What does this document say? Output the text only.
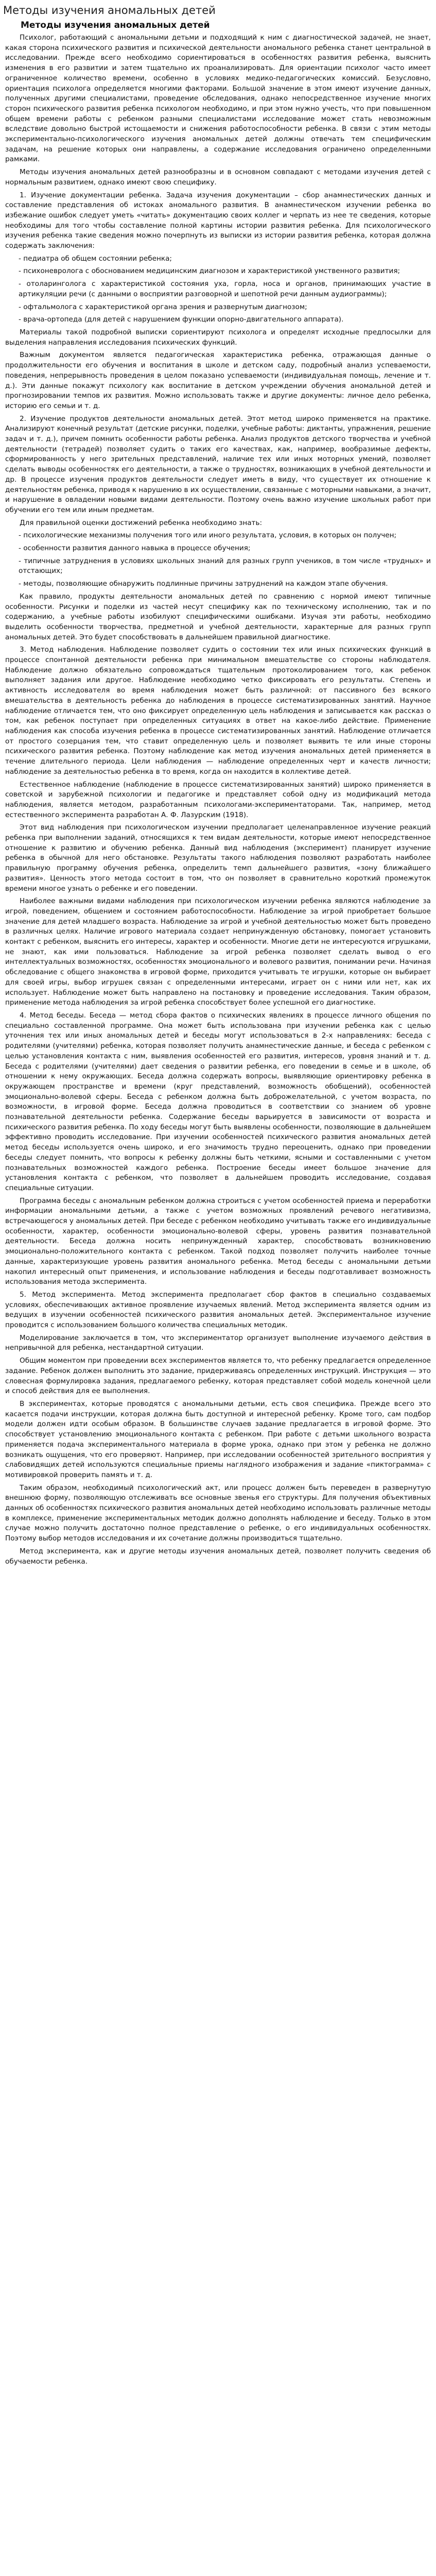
Методы изучения аномальных детей
Методы изучения аномальных детей

Психолог, работающий с аномальными детьми и подходящий к ним с диагностической задачей, не знает, какая сторона психического развития и психической деятельности аномального ребенка станет центральной в исследовании. Прежде всего необходимо сориентироваться в особенностях развития ребенка, выяснить изменения в его развитии и затем тщательно их проанализировать. Для ориентации психолог часто имеет ограниченное количество времени, особенно в условиях медико-педагогических комиссий. Безусловно, ориентация психолога определяется многими факторами. Большой значение в этом имеют изучение данных, полученных другими специалистами, проведение обследования, однако непосредственное изучение многих сторон психического развития ребенка психологом необходимо, и при этом нужно учесть, что при повышенном общем времени работы с ребенком разными специалистами исследование может стать невозможным вследствие довольно быстрой истощаемости и снижения работоспособности ребенка. В связи с этим методы экспериментально-психологического изучения аномальных детей должны отвечать тем специфическим задачам, на решение которых они направлены, а содержание исследования ограничено определенными рамками.

Методы изучения аномальных детей разнообразны и в основном совпадают с методами изучения детей с нормальным развитием, однако имеют свою специфику.

1. Изучение документации ребенка. Задача изучения документации – сбор анамнестических данных и составление представления об истоках аномального развития. В анамнестическом изучении ребенка во избежание ошибок следует уметь «читать» документацию своих коллег и черпать из нее те сведения, которые необходимы для того чтобы составление полной картины истории развития ребенка. Для психологического изучения ребенка такие сведения можно почерпнуть из выписки из истории развития ребенка, которая должна содержать заключения:

- педиатра об общем состоянии ребенка;

- психоневролога с обоснованием медицинским диагнозом и характеристикой умственного развития;

- отоларинголога с характеристикой состояния уха, горла, носа и органов, принимающих участие в артикуляции речи (с данными о восприятии разговорной и шепотной речи данным аудиограммы);

- офтальмолога с характеристикой органа зрения и развернутым диагнозом;

- врача-ортопеда (для детей с нарушением функции опорно-двигательного аппарата).

Материалы такой подробной выписки сориентируют психолога и определят исходные предпосылки для выделения направления исследования психических функций.

Важным документом является педагогическая характеристика ребенка, отражающая данные о продолжительности его обучения и воспитания в школе и детском саду, подробный анализ успеваемости, поведения, непрерывность проведения в целом показано успеваемости (индивидуальная помощь, лечение и т. д.). Эти данные покажут психологу как воспитание в детском учреждении обучения аномальной детей и прогнозировании темпов их развития. Можно использовать также и другие документы: личное дело ребенка, историю его семьи и т. д.

2. Изучение продуктов деятельности аномальных детей. Этот метод широко применяется на практике. Анализируют конечный результат (детские рисунки, поделки, учебные работы: диктанты, упражнения, решение задач и т. д.), причем помнить особенности работы ребенка. Анализ продуктов детского творчества и учебной деятельности (тетрадей) позволяет судить о таких его качествах, как, например, вообразимые дефекты, сформированность у него зрительных представлений, наличие тех или иных моторных умений, позволяет сделать выводы особенностях его деятельности, а также о трудностях, возникающих в учебной деятельности и др. В процессе изучения продуктов деятельности следует иметь в виду, что существует их отношение к деятельностям ребенка, приводя к нарушению в их осуществлении, связанные с моторными навыками, а значит, и нарушение в овладении новыми видами деятельности. Поэтому очень важно изучение школьных работ при обучении его тем или иным предметам.

Для правильной оценки достижений ребенка необходимо знать:

- психологические механизмы получения того или иного результата, условия, в которых он получен;

- особенности развития данного навыка в процессе обучения;

- типичные затруднения в условиях школьных знаний для разных групп учеников, в том числе «трудных» и отстающих;

- методы, позволяющие обнаружить подлинные причины затруднений на каждом этапе обучения.

Как правило, продукты деятельности аномальных детей по сравнению с нормой имеют типичные особенности. Рисунки и поделки из частей несут специфику как по техническому исполнению, так и по содержанию, а учебные работы изобилуют специфическими ошибками. Изучая эти работы, необходимо выделить особенности творчества, предметной и учебной деятельности, характерные для разных групп аномальных детей. Это будет способствовать в дальнейшем правильной диагностике.

3. Метод наблюдения. Наблюдение позволяет судить о состоянии тех или иных психических функций в процессе спонтанной деятельности ребенка при минимальном вмешательстве со стороны наблюдателя. Наблюдение должно обязательно сопровождаться тщательным протоколированием того, как ребенок выполняет задания или другое. Наблюдение необходимо четко фиксировать его результаты. Степень и активность исследователя во время наблюдения может быть различной: от пассивного без всякого вмешательства в деятельность ребенка до наблюдения в процессе систематизированных занятий. Научное наблюдение отличается тем, что оно фиксирует определенную цель наблюдения и записывается как рассказ о том, как ребенок поступает при определенных ситуациях в ответ на какое-либо действие. Применение наблюдения как способа изучения ребенка в процессе систематизированных занятий. Наблюдение отличается от простого созерцания тем, что ставит определенную цель и позволяет выявить те или иные стороны психического развития ребенка. Поэтому наблюдение как метод изучения аномальных детей применяется в течение длительного периода. Цели наблюдения — наблюдение определенных черт и качеств личности; наблюдение за деятельностью ребенка в то время, когда он находится в коллективе детей.

Естественное наблюдение (наблюдение в процессе систематизированных занятий) широко применяется в советской и зарубежной психологии и педагогике и представляет собой одну из модификаций метода наблюдения, является методом, разработанным психологами-экспериментаторами. Так, например, метод естественного эксперимента разработан А. Ф. Лазурским (1918).

Этот вид наблюдения при психологическом изучении предполагает целенаправленное изучение реакций ребенка при выполнении заданий, относящихся к тем видам деятельности, которые имеют непосредственное отношение к развитию и обучению ребенка. Данный вид наблюдения (эксперимент) планирует изучение ребенка в обычной для него обстановке. Результаты такого наблюдения позволяют разработать наиболее правильную программу обучения ребенка, определить темп дальнейшего развития, «зону ближайшего развития». Ценность этого метода состоит в том, что он позволяет в сравнительно короткий промежуток времени многое узнать о ребенке и его поведении.

Наиболее важными видами наблюдения при психологическом изучении ребенка являются наблюдение за игрой, поведением, общением и состоянием работоспособности. Наблюдение за игрой приобретает большое значение для детей младшего возраста. Наблюдение за игрой и учебной деятельностью может быть проведено в различных целях. Наличие игрового материала создает непринужденную обстановку, помогает установить контакт с ребенком, выяснить его интересы, характер и особенности. Многие дети не интересуются игрушками, не знают, как ими пользоваться. Наблюдение за игрой ребенка позволяет сделать вывод о его интеллектуальных возможностях, особенностях эмоционального и волевого развития, понимании речи. Начиная обследование с общего знакомства в игровой форме, приходится учитывать те игрушки, которые он выбирает для своей игры, выбор игрушек связан с определенными интересами, играет он с ними или нет, как их использует. Наблюдение может быть направлено на постановку и проведение исследования. Таким образом, применение метода наблюдения за игрой ребенка способствует более успешной его диагностике.

4. Метод беседы. Беседа — метод сбора фактов о психических явлениях в процессе личного общения по специально составленной программе. Она может быть использована при изучении ребенка как с целью уточнения тех или иных аномальных детей и беседы могут использоваться в 2-х направлениях: беседа с родителями (учителями) ребенка, которая позволяет получить анамнестические данные, и беседа с ребенком с целью установления контакта с ним, выявления особенностей его развития, интересов, уровня знаний и т. д. Беседа с родителями (учителями) дает сведения о развитии ребенка, его поведении в семье и в школе, об отношении к нему окружающих. Беседа должна содержать вопросы, выявляющие ориентировку ребенка в окружающем пространстве и времени (круг представлений, возможность обобщений), особенностей эмоционально-волевой сферы. Беседа с ребенком должна быть доброжелательной, с учетом возраста, по возможности, в игровой форме. Беседа должна проводиться в соответствии со знанием об уровне познавательной деятельности ребенка. Содержание беседы варьируется в зависимости от возраста и психического развития ребенка. По ходу беседы могут быть выявлены особенности, позволяющие в дальнейшем эффективно проводить исследование. При изучении особенностей психического развития аномальных детей метод беседы используется очень широко, и его значимость трудно переоценить, однако при проведении беседы следует помнить, что вопросы к ребенку должны быть четкими, ясными и составленными с учетом познавательных возможностей каждого ребенка. Построение беседы имеет большое значение для установления контакта с ребенком, что позволяет в дальнейшем проводить исследование, создавая специальные ситуации.

Программа беседы с аномальным ребенком должна строиться с учетом особенностей приема и переработки информации аномальными детьми, а также с учетом возможных проявлений речевого негативизма, встречающегося у аномальных детей. При беседе с ребенком необходимо учитывать также его индивидуальные особенности, характер, особенности эмоционально-волевой сферы, уровень развития познавательной деятельности. Беседа должна носить непринужденный характер, способствовать возникновению эмоционально-положительного контакта с ребенком. Такой подход позволяет получить наиболее точные данные, характеризующие уровень развития аномального ребенка. Метод беседы с аномальными детьми накопил интересный опыт применения, и использование наблюдения и беседы подготавливает возможность использования метода эксперимента.

5. Метод эксперимента. Метод эксперимента предполагает сбор фактов в специально создаваемых условиях, обеспечивающих активное проявление изучаемых явлений. Метод эксперимента является одним из ведущих в изучении особенностей психического развития аномальных детей. Экспериментальное изучение проводится с использованием большого количества специальных методик.

Моделирование заключается в том, что экспериментатор организует выполнение изучаемого действия в непривычной для ребенка, нестандартной ситуации.

Общим моментом при проведении всех экспериментов является то, что ребенку предлагается определенное задание. Ребенок должен выполнить это задание, придерживаясь определенных инструкций. Инструкция — это словесная формулировка задания, предлагаемого ребенку, которая представляет собой модель конечной цели и способ действия для ее выполнения.

В экспериментах, которые проводятся с аномальными детьми, есть своя специфика. Прежде всего это касается подачи инструкции, которая должна быть доступной и интересной ребенку. Кроме того, сам подбор модели должен идти особым образом. В большинстве случаев задание предлагается в игровой форме. Это способствует установлению эмоционального контакта с ребенком. При работе с детьми школьного возраста применяется подача экспериментального материала в форме урока, однако при этом у ребенка не должно возникать ощущения, что его проверяют. Например, при исследовании особенностей зрительного восприятия у слабовидящих детей используются специальные приемы наглядного изображения и задание «пиктограмма» с мотивировкой проверить память и т. д.

Таким образом, необходимый психологический акт, или процесс должен быть переведен в развернутую внешнюю форму, позволяющую отслеживать все основные звенья его структуры. Для получения объективных данных об особенностях психического развития аномальных детей необходимо использовать различные методы в комплексе, применение экспериментальных методик должно дополнять наблюдение и беседу. Только в этом случае можно получить достаточно полное представление о ребенке, о его индивидуальных особенностях. Поэтому выбор методов исследования и их сочетание должны производиться тщательно.

Метод эксперимента, как и другие методы изучения аномальных детей, позволяет получить сведения об обучаемости ребенка.
